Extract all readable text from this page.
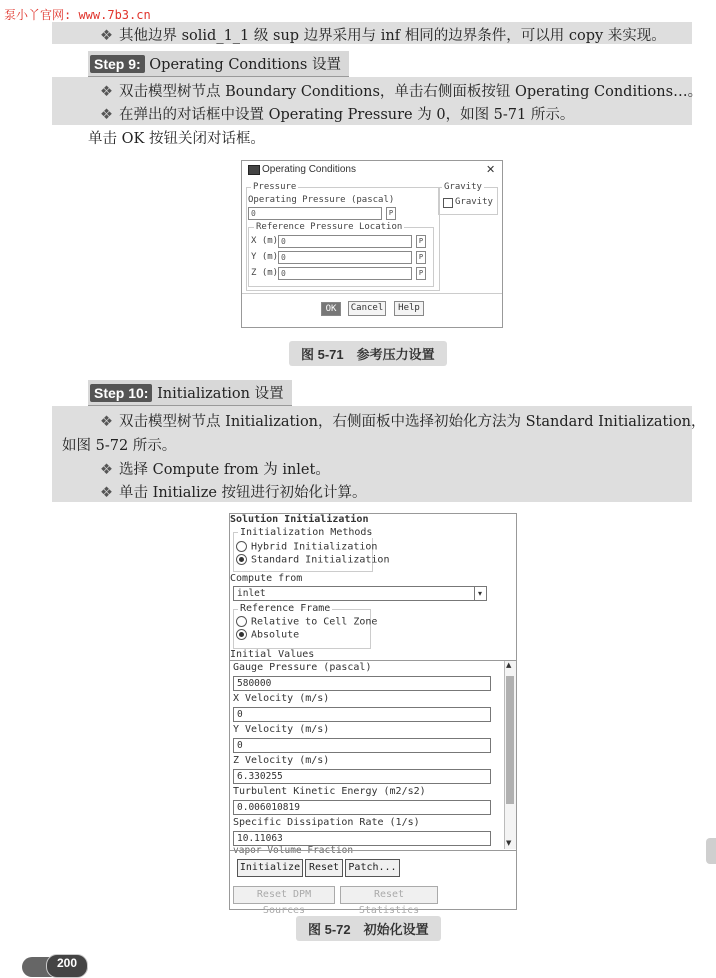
泵小丫官网: www.7b3.cn
❖ 其他边界 solid_1_1 级 sup 边界采用与 inf 相同的边界条件，可以用 copy 来实现。
Step 9: Operating Conditions 设置
❖ 双击模型树节点 Boundary Conditions，单击右侧面板按钮 Operating Conditions…。
❖ 在弹出的对话框中设置 Operating Pressure 为 0，如图 5-71 所示。
单击 OK 按钮关闭对话框。
Operating Conditions	✕
Pressure
Operating Pressure (pascal)
0	P
Reference Pressure Location
X (m) 0	P
Y (m) 0	P
Z (m) 0	P
Gravity
Gravity
OK	Cancel	Help
图 5-71　参考压力设置
Step 10: Initialization 设置
❖ 双击模型树节点 Initialization，右侧面板中选择初始化方法为 Standard Initialization，
如图 5-72 所示。
❖ 选择 Compute from 为 inlet。
❖ 单击 Initialize 按钮进行初始化计算。
Solution Initialization
Initialization Methods
Hybrid Initialization
Standard Initialization
Compute from
inlet	▾
Reference Frame
Relative to Cell Zone
Absolute
Initial Values
Gauge Pressure (pascal)
580000
X Velocity (m/s)
0
Y Velocity (m/s)
0
Z Velocity (m/s)
6.330255
Turbulent Kinetic Energy (m2/s2)
0.006010819
Specific Dissipation Rate (1/s)
10.11063
▲
▼
Initialize Reset Patch...
Reset DPM Sources
Reset Statistics
图 5-72　初始化设置
200
